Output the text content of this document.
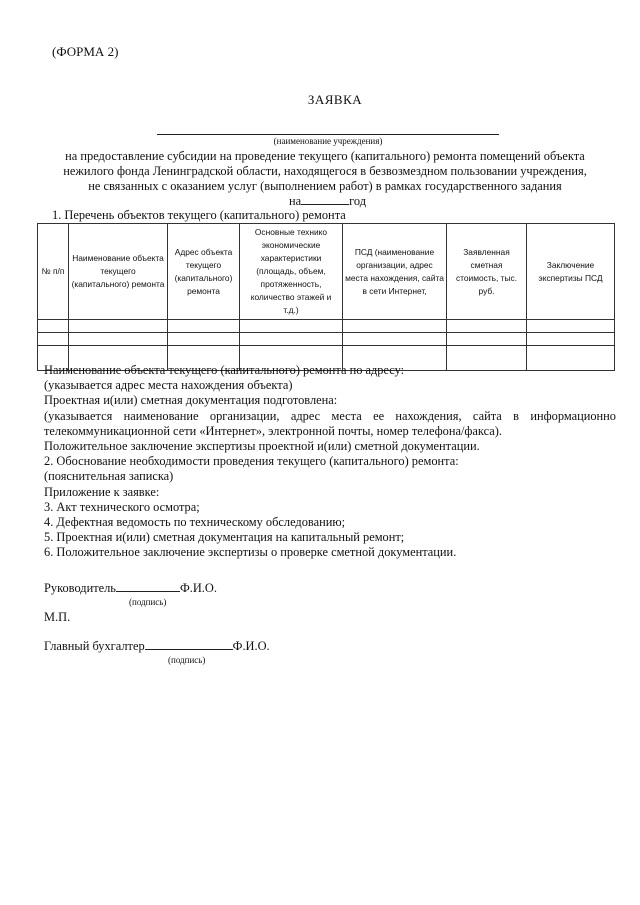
(ФОРМА 2)
ЗАЯВКА
(наименование учреждения)
на предоставление субсидии на проведение текущего (капитального) ремонта помещений объекта
нежилого фонда Ленинградской области, находящегося в безвозмездном пользовании учреждения,
не связанных с оказанием услуг (выполнением работ) в рамках государственного задания
на	год
1. Перечень объектов текущего (капитального) ремонта
№ п/п	Наименование объекта текущего (капитального) ремонта	Адрес объекта текущего (капитального) ремонта	Основные технико экономические характеристики (площадь, объем, протяженность, количество этажей и т.д.)	ПСД (наименование организации, адрес места нахождения, сайта в сети Интернет,	Заявленная сметная стоимость, тыс. руб.	Заключение экспертизы ПСД

Наименование объекта текущего (капитального) ремонта по адресу:
(указывается адрес места нахождения объекта)
Проектная и(или) сметная документация подготовлена:
(указывается наименование организации, адрес места ее нахождения, сайта в информационно
телекоммуникационной сети «Интернет», электронной почты, номер телефона/факса).
Положительное заключение экспертизы проектной и(или) сметной документации.
2. Обоснование необходимости проведения текущего (капитального) ремонта:
(пояснительная записка)
Приложение к заявке:
3. Акт технического осмотра;
4. Дефектная ведомость по техническому обследованию;
5. Проектная и(или) сметная документация на капитальный ремонт;
6. Положительное заключение экспертизы о проверке сметной документации.
Руководитель	Ф.И.О.
(подпись)
М.П.
Главный бухгалтер	Ф.И.О.
(подпись)
